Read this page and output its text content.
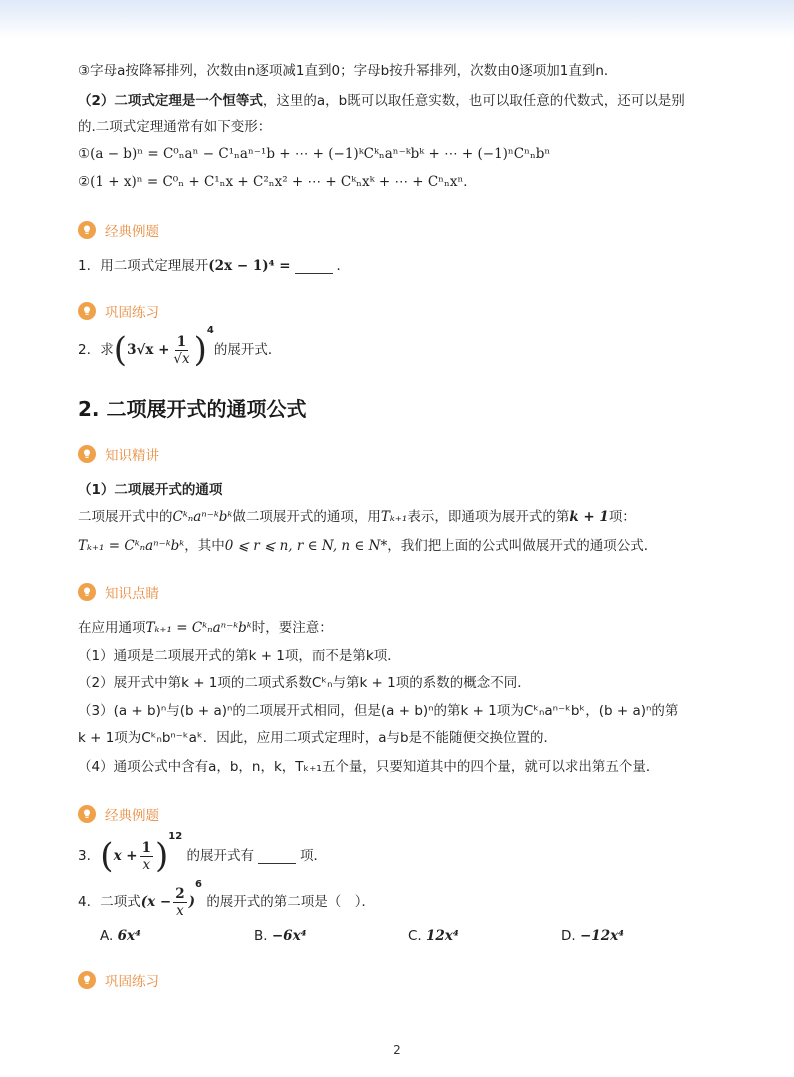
③字母a按降幂排列，次数由n逐项减1直到0；字母b按升幂排列，次数由0逐项加1直到n．
（2）二项式定理是一个恒等式，这里的a，b既可以取任意实数，也可以取任意的代数式，还可以是别
的.二项式定理通常有如下变形：
①(a − b)ⁿ = C⁰ₙaⁿ − C¹ₙaⁿ⁻¹b + ⋯ + (−1)ᵏCᵏₙaⁿ⁻ᵏbᵏ + ⋯ + (−1)ⁿCⁿₙbⁿ
②(1 + x)ⁿ = C⁰ₙ + C¹ₙx + C²ₙx² + ⋯ + Cᵏₙxᵏ + ⋯ + Cⁿₙxⁿ．
经典例题
1. 用二项式定理展开(2x − 1)⁴ =	．
巩固练习
2. 求$(3√x + \frac{1}{√x} )^4$的展开式．
2. 二项展开式的通项公式
知识精讲
（1）二项展开式的通项
二项展开式中的Cᵏₙaⁿ⁻ᵏbᵏ做二项展开式的通项，用Tₖ₊₁表示，即通项为展开式的第k + 1项：
Tₖ₊₁ = Cᵏₙaⁿ⁻ᵏbᵏ，其中0 ⩽ r ⩽ n, r ∈ N, n ∈ N*，我们把上面的公式叫做展开式的通项公式．
知识点睛
在应用通项Tₖ₊₁ = Cᵏₙaⁿ⁻ᵏbᵏ时，要注意：
（1）通项是二项展开式的第k + 1项，而不是第k项．
（2）展开式中第k + 1项的二项式系数Cᵏₙ与第k + 1项的系数的概念不同．
（3）(a + b)ⁿ与(b + a)ⁿ的二项展开式相同，但是(a + b)ⁿ的第k + 1项为Cᵏₙaⁿ⁻ᵏbᵏ，(b + a)ⁿ的第
k + 1项为Cᵏₙbⁿ⁻ᵏaᵏ．因此，应用二项式定理时，a与b是不能随便交换位置的．
（4）通项公式中含有a，b，n，k，Tₖ₊₁五个量，只要知道其中的四个量，就可以求出第五个量．
经典例题
3. $(x + \frac{1}{x} )^{12}$ 的展开式有	项．
4. 二项式$(x - \frac{2}{x} )^6$ 的展开式的第二项是（　）．
A. 6x⁴	B. −6x⁴	C. 12x⁴	D. −12x⁴
巩固练习
2
